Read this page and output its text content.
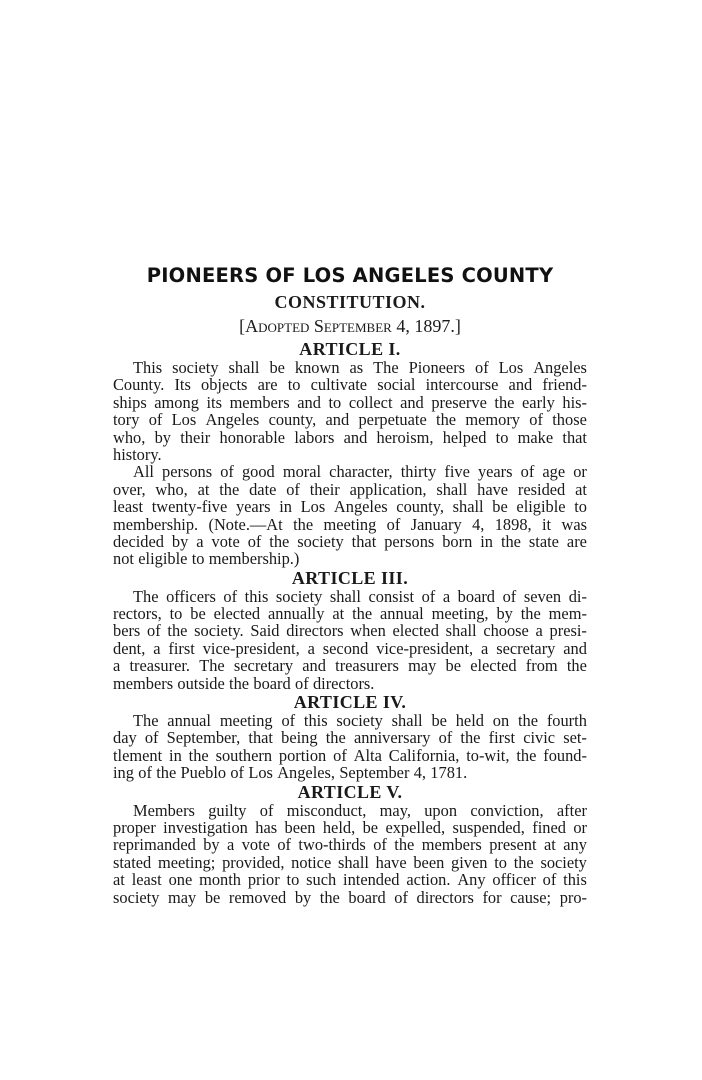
PIONEERS OF LOS ANGELES COUNTY
CONSTITUTION.

[Adopted September 4, 1897.]

ARTICLE I.

This society shall be known as The Pioneers of Los Angeles
County. Its objects are to cultivate social intercourse and friend-
ships among its members and to collect and preserve the early his-
tory of Los Angeles county, and perpetuate the memory of those
who, by their honorable labors and heroism, helped to make that
history.

All persons of good moral character, thirty five years of age or
over, who, at the date of their application, shall have resided at
least twenty-five years in Los Angeles county, shall be eligible to
membership. (Note.—At the meeting of January 4, 1898, it was
decided by a vote of the society that persons born in the state are
not eligible to membership.)

ARTICLE III.

The officers of this society shall consist of a board of seven di-
rectors, to be elected annually at the annual meeting, by the mem-
bers of the society. Said directors when elected shall choose a presi-
dent, a first vice-president, a second vice-president, a secretary and
a treasurer. The secretary and treasurers may be elected from the
members outside the board of directors.

ARTICLE IV.

The annual meeting of this society shall be held on the fourth
day of September, that being the anniversary of the first civic set-
tlement in the southern portion of Alta California, to-wit, the found-
ing of the Pueblo of Los Angeles, September 4, 1781.

ARTICLE V.

Members guilty of misconduct, may, upon conviction, after
proper investigation has been held, be expelled, suspended, fined or
reprimanded by a vote of two-thirds of the members present at any
stated meeting; provided, notice shall have been given to the society
at least one month prior to such intended action. Any officer of this
society may be removed by the board of directors for cause; pro-
